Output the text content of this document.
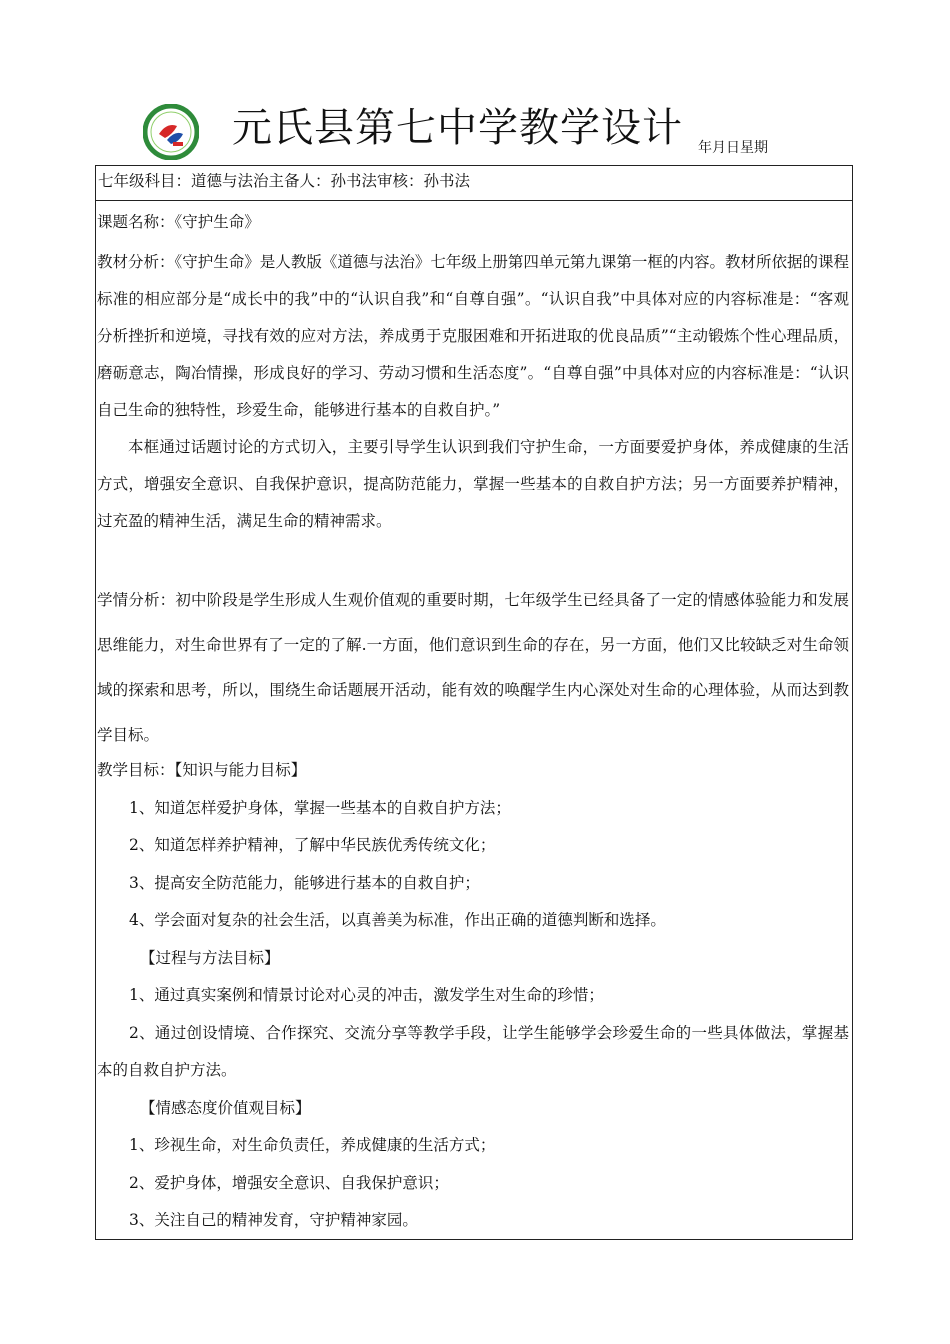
元氏县第七中学教学设计 年月日星期
七年级科目：道德与法治主备人：孙书法审核：孙书法

课题名称：《守护生命》

教材分析：《守护生命》是人教版《道德与法治》七年级上册第四单元第九课第一框的内容。教材所依据的课程标准的相应部分是“成长中的我”中的“认识自我”和“自尊自强”。“认识自我”中具体对应的内容标准是：“客观分析挫折和逆境，寻找有效的应对方法，养成勇于克服困难和开拓进取的优良品质”“主动锻炼个性心理品质，磨砺意志，陶冶情操，形成良好的学习、劳动习惯和生活态度”。“自尊自强”中具体对应的内容标准是：“认识自己生命的独特性，珍爱生命，能够进行基本的自救自护。”

本框通过话题讨论的方式切入，主要引导学生认识到我们守护生命，一方面要爱护身体，养成健康的生活方式，增强安全意识、自我保护意识，提高防范能力，掌握一些基本的自救自护方法；另一方面要养护精神，过充盈的精神生活，满足生命的精神需求。

学情分析：初中阶段是学生形成人生观价值观的重要时期，七年级学生已经具备了一定的情感体验能力和发展思维能力，对生命世界有了一定的了解.一方面，他们意识到生命的存在，另一方面，他们又比较缺乏对生命领域的探索和思考，所以，围绕生命话题展开活动，能有效的唤醒学生内心深处对生命的心理体验，从而达到教学目标。

教学目标：【知识与能力目标】

1、知道怎样爱护身体，掌握一些基本的自救自护方法；

2、知道怎样养护精神，了解中华民族优秀传统文化；

3、提高安全防范能力，能够进行基本的自救自护；

4、学会面对复杂的社会生活，以真善美为标准，作出正确的道德判断和选择。

【过程与方法目标】

1、通过真实案例和情景讨论对心灵的冲击，激发学生对生命的珍惜；

2、通过创设情境、合作探究、交流分享等教学手段，让学生能够学会珍爱生命的一些具体做法，掌握基本的自救自护方法。

【情感态度价值观目标】

1、珍视生命，对生命负责任，养成健康的生活方式；

2、爱护身体，增强安全意识、自我保护意识；

3、关注自己的精神发育，守护精神家园。
